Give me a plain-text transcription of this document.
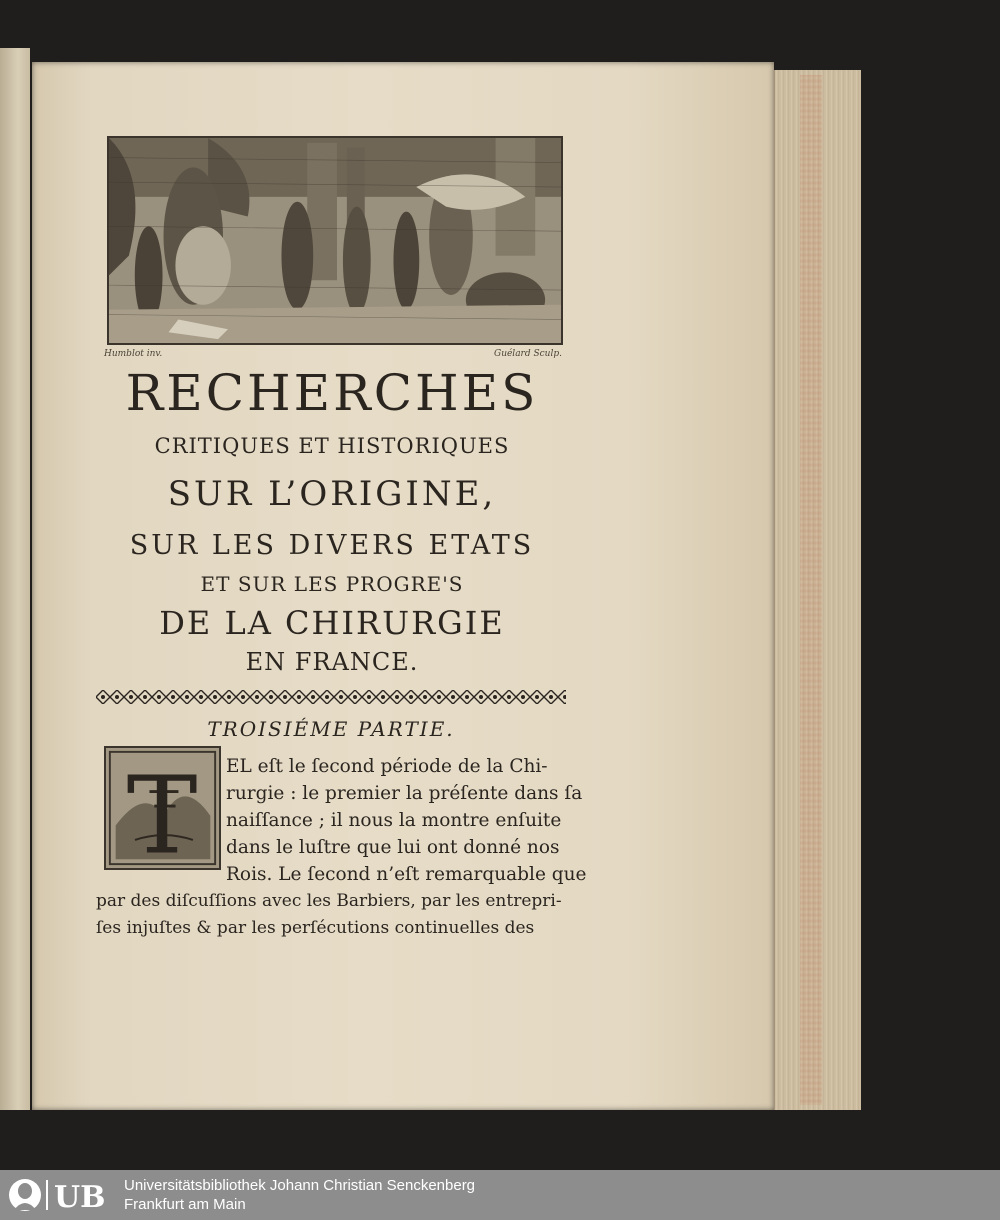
Humblot inv.	Guélard Sculp.
RECHERCHES
CRITIQUES ET HISTORIQUES
SUR L’ORIGINE,
SUR LES DIVERS ETATS
ET SUR LES PROGRE'S
DE LA CHIRURGIE
EN FRANCE.
TROISIÉME PARTIE.
T EL eſt le ſecond période de la Chi-
rurgie : le premier la préſente dans ſa
naiſſance ; il nous la montre enſuite
dans le luſtre que lui ont donné nos
Rois. Le ſecond n’eſt remarquable que
par des diſcuſſions avec les Barbiers, par les entrepri-
ſes injuſtes & par les perſécutions continuelles des
UB Universitätsbibliothek Johann Christian Senckenberg
Frankfurt am Main
